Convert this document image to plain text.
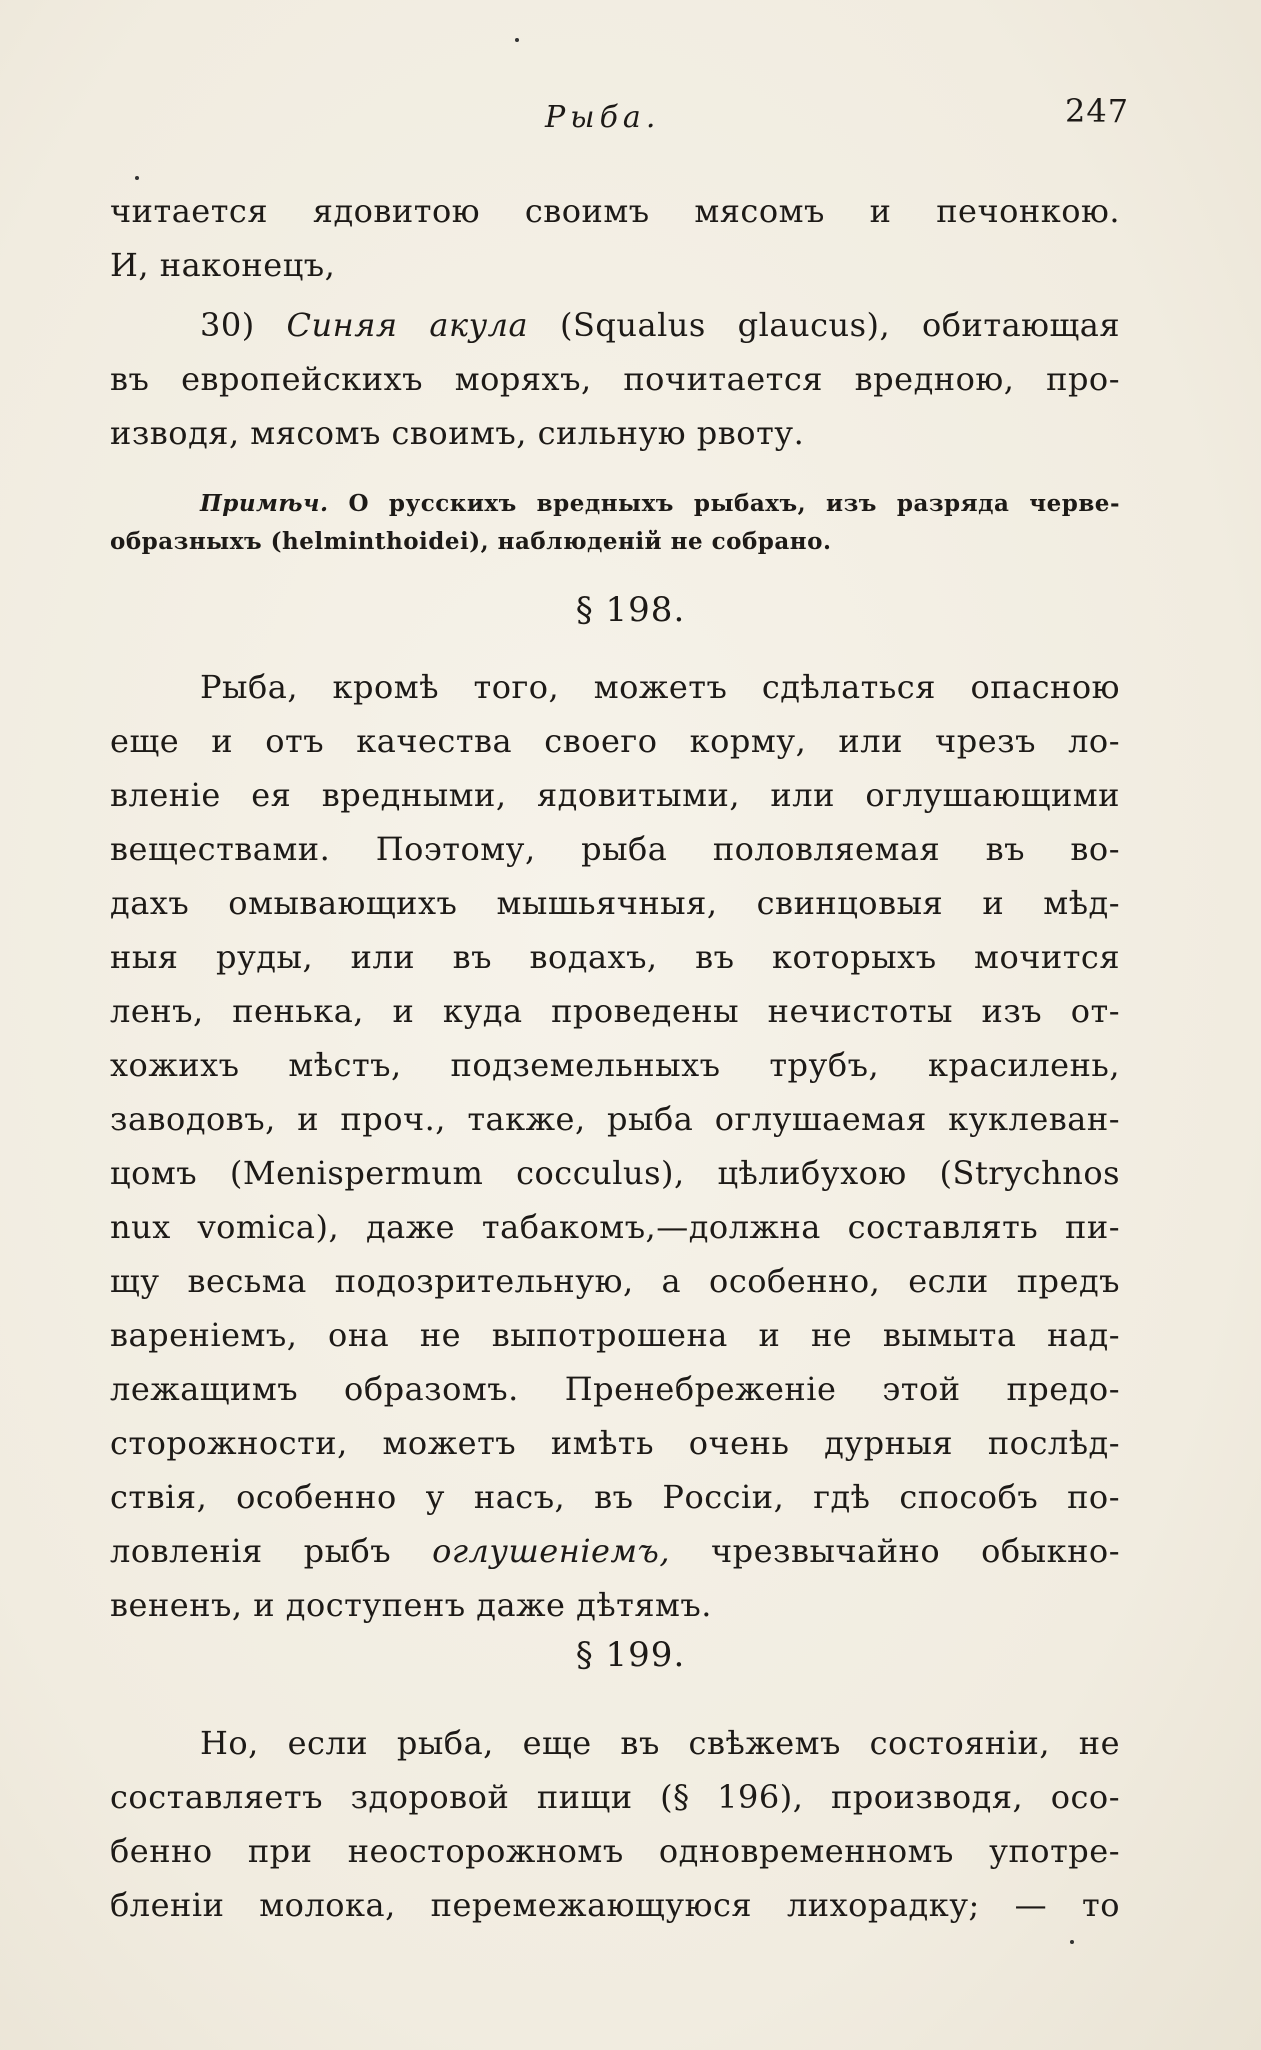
Рыба.	247
читается ядовитою своимъ мясомъ и печонкою.
И, наконецъ,
30) Синяя акула (Squalus glaucus), обитающая
въ европейскихъ моряхъ, почитается вредною, про-
изводя, мясомъ своимъ, сильную рвоту.
Примѣч. О русскихъ вредныхъ рыбахъ, изъ разряда черве-
образныхъ (helminthoidei), наблюденiй не собрано.
§ 198.
Рыба, кромѣ того, можетъ сдѣлаться опасною
еще и отъ качества своего корму, или чрезъ ло-
вленiе ея вредными, ядовитыми, или оглушающими
веществами. Поэтому, рыба половляемая въ во-
дахъ омывающихъ мышьячныя, свинцовыя и мѣд-
ныя руды, или въ водахъ, въ которыхъ мочится
ленъ, пенька, и куда проведены нечистоты изъ от-
хожихъ мѣстъ, подземельныхъ трубъ, красилень,
заводовъ, и проч., также, рыба оглушаемая куклеван-
цомъ (Menispermum cocculus), цѣлибухою (Strychnos
nux vomica), даже табакомъ,—должна составлять пи-
щу весьма подозрительную, а особенно, если предъ
варенiемъ, она не выпотрошена и не вымыта над-
лежащимъ образомъ. Пренебреженiе этой предо-
сторожности, можетъ имѣть очень дурныя послѣд-
ствiя, особенно у насъ, въ Россiи, гдѣ способъ по-
ловленiя рыбъ оглушенiемъ, чрезвычайно обыкно-
венeнъ, и доступенъ даже дѣтямъ.
§ 199.
Но, если рыба, еще въ свѣжемъ состоянiи, не
составляетъ здоровой пищи (§ 196), производя, осо-
бенно при неосторожномъ одновременномъ употре-
бленiи молока, перемежающуюся лихорадку; — то
